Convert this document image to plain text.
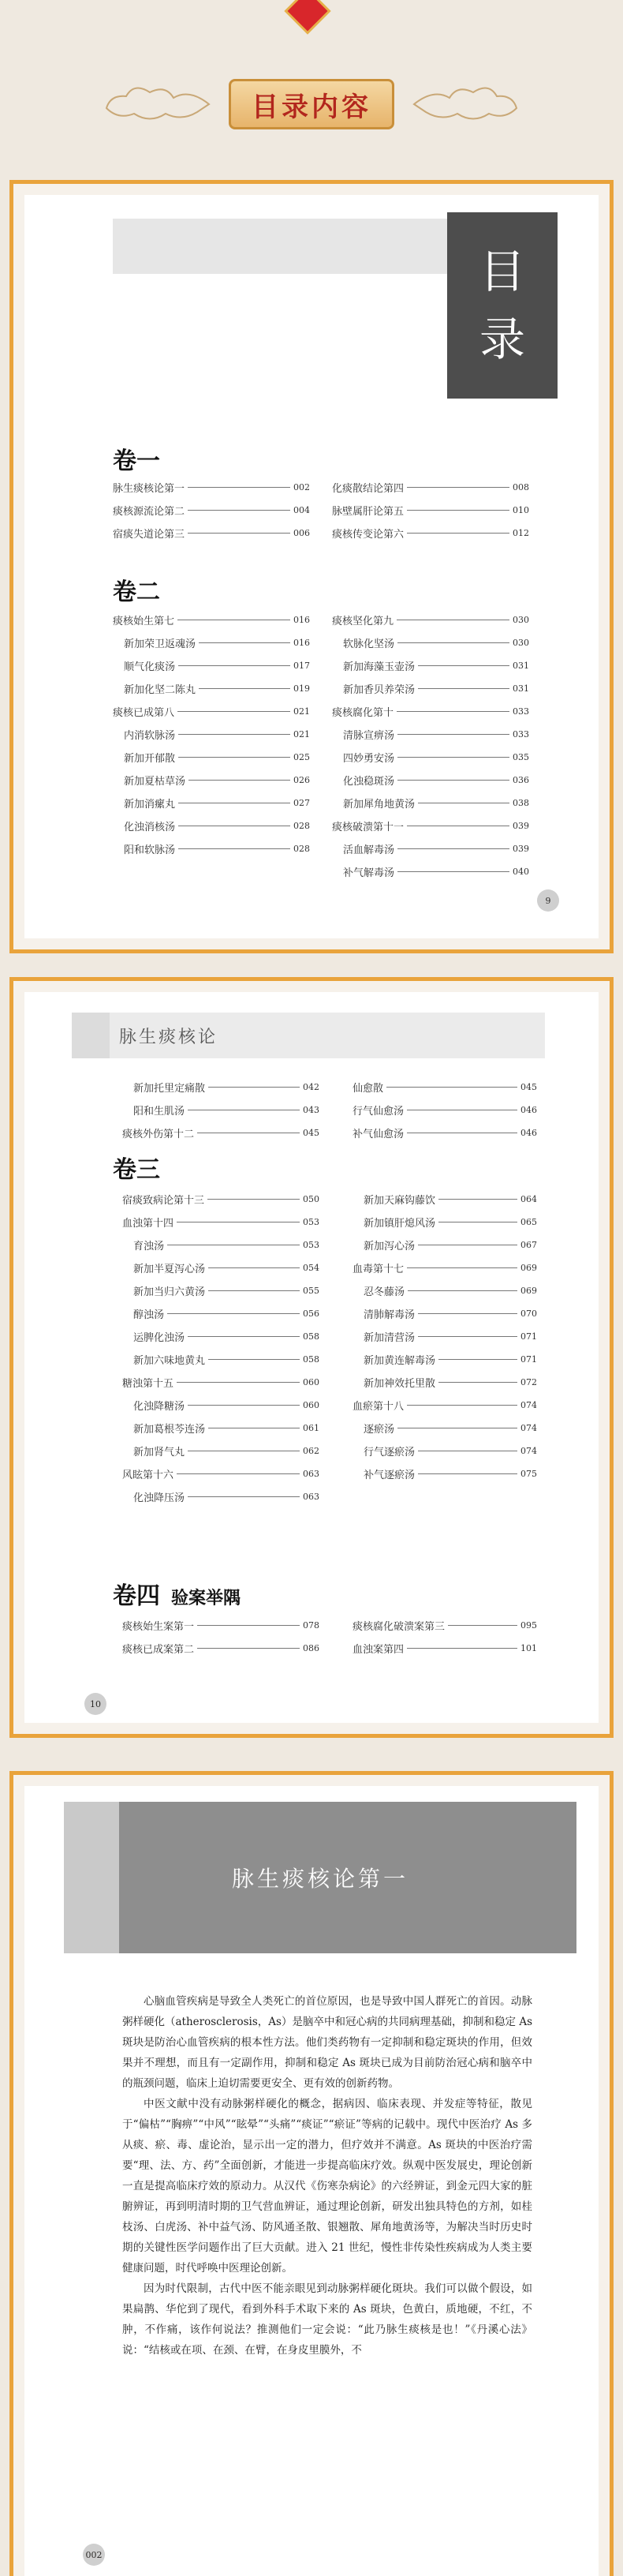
目录内容
目
录
卷一
脉生痰核论第一	002
痰核源流论第二	004
宿痰失道论第三	006
化痰散结论第四	008
脉壁属肝论第五	010
痰核传变论第六	012
卷二
痰核始生第七	016
新加荣卫返魂汤	016
顺气化痰汤	017
新加化坚二陈丸	019
痰核已成第八	021
内消软脉汤	021
新加开郁散	025
新加夏枯草汤	026
新加消瘰丸	027
化浊消核汤	028
阳和软脉汤	028
痰核坚化第九	030
软脉化坚汤	030
新加海藻玉壶汤	031
新加香贝养荣汤	031
痰核腐化第十	033
清脉宣痹汤	033
四妙勇安汤	035
化浊稳斑汤	036
新加犀角地黄汤	038
痰核破溃第十一	039
活血解毒汤	039
补气解毒汤	040
9
脉生痰核论
新加托里定痛散	042
阳和生肌汤	043
痰核外伤第十二	045
仙愈散	045
行气仙愈汤	046
补气仙愈汤	046
卷三
宿痰致病论第十三	050
血浊第十四	053
育浊汤	053
新加半夏泻心汤	054
新加当归六黄汤	055
醇浊汤	056
运脾化浊汤	058
新加六味地黄丸	058
糖浊第十五	060
化浊降糖汤	060
新加葛根芩连汤	061
新加肾气丸	062
风眩第十六	063
化浊降压汤	063
新加天麻钩藤饮	064
新加镇肝熄风汤	065
新加泻心汤	067
血毒第十七	069
忍冬藤汤	069
清肺解毒汤	070
新加清营汤	071
新加黄连解毒汤	071
新加神效托里散	072
血瘀第十八	074
逐瘀汤	074
行气逐瘀汤	074
补气逐瘀汤	075
卷四 验案举隅
痰核始生案第一	078
痰核已成案第二	086
痰核腐化破溃案第三	095
血浊案第四	101
10
脉生痰核论第一

心脑血管疾病是导致全人类死亡的首位原因，也是导致中国人群死亡的首因。动脉粥样硬化（atherosclerosis，As）是脑卒中和冠心病的共同病理基础，抑制和稳定 As 斑块是防治心血管疾病的根本性方法。他们类药物有一定抑制和稳定斑块的作用，但效果并不理想，而且有一定副作用，抑制和稳定 As 斑块已成为目前防治冠心病和脑卒中的瓶颈问题，临床上迫切需要更安全、更有效的创新药物。

中医文献中没有动脉粥样硬化的概念，据病因、临床表现、并发症等特征，散见于“偏枯”“胸痹”“中风”“眩晕”“头痛”“痰证”“瘀证”等病的记载中。现代中医治疗 As 多从痰、瘀、毒、虚论治，显示出一定的潜力，但疗效并不满意。As 斑块的中医治疗需要“理、法、方、药”全面创新，才能进一步提高临床疗效。纵观中医发展史，理论创新一直是提高临床疗效的原动力。从汉代《伤寒杂病论》的六经辨证，到金元四大家的脏腑辨证，再到明清时期的卫气营血辨证，通过理论创新，研发出独具特色的方剂，如桂枝汤、白虎汤、补中益气汤、防风通圣散、银翘散、犀角地黄汤等，为解决当时历史时期的关键性医学问题作出了巨大贡献。进入 21 世纪，慢性非传染性疾病成为人类主要健康问题，时代呼唤中医理论创新。

因为时代限制，古代中医不能亲眼见到动脉粥样硬化斑块。我们可以做个假设，如果扁鹊、华佗到了现代，看到外科手术取下来的 As 斑块，色黄白，质地硬，不红，不肿，不作痛，该作何说法？推测他们一定会说：“此乃脉生痰核是也！”《丹溪心法》说：“结核或在项、在颈、在臂，在身皮里膜外，不

002
